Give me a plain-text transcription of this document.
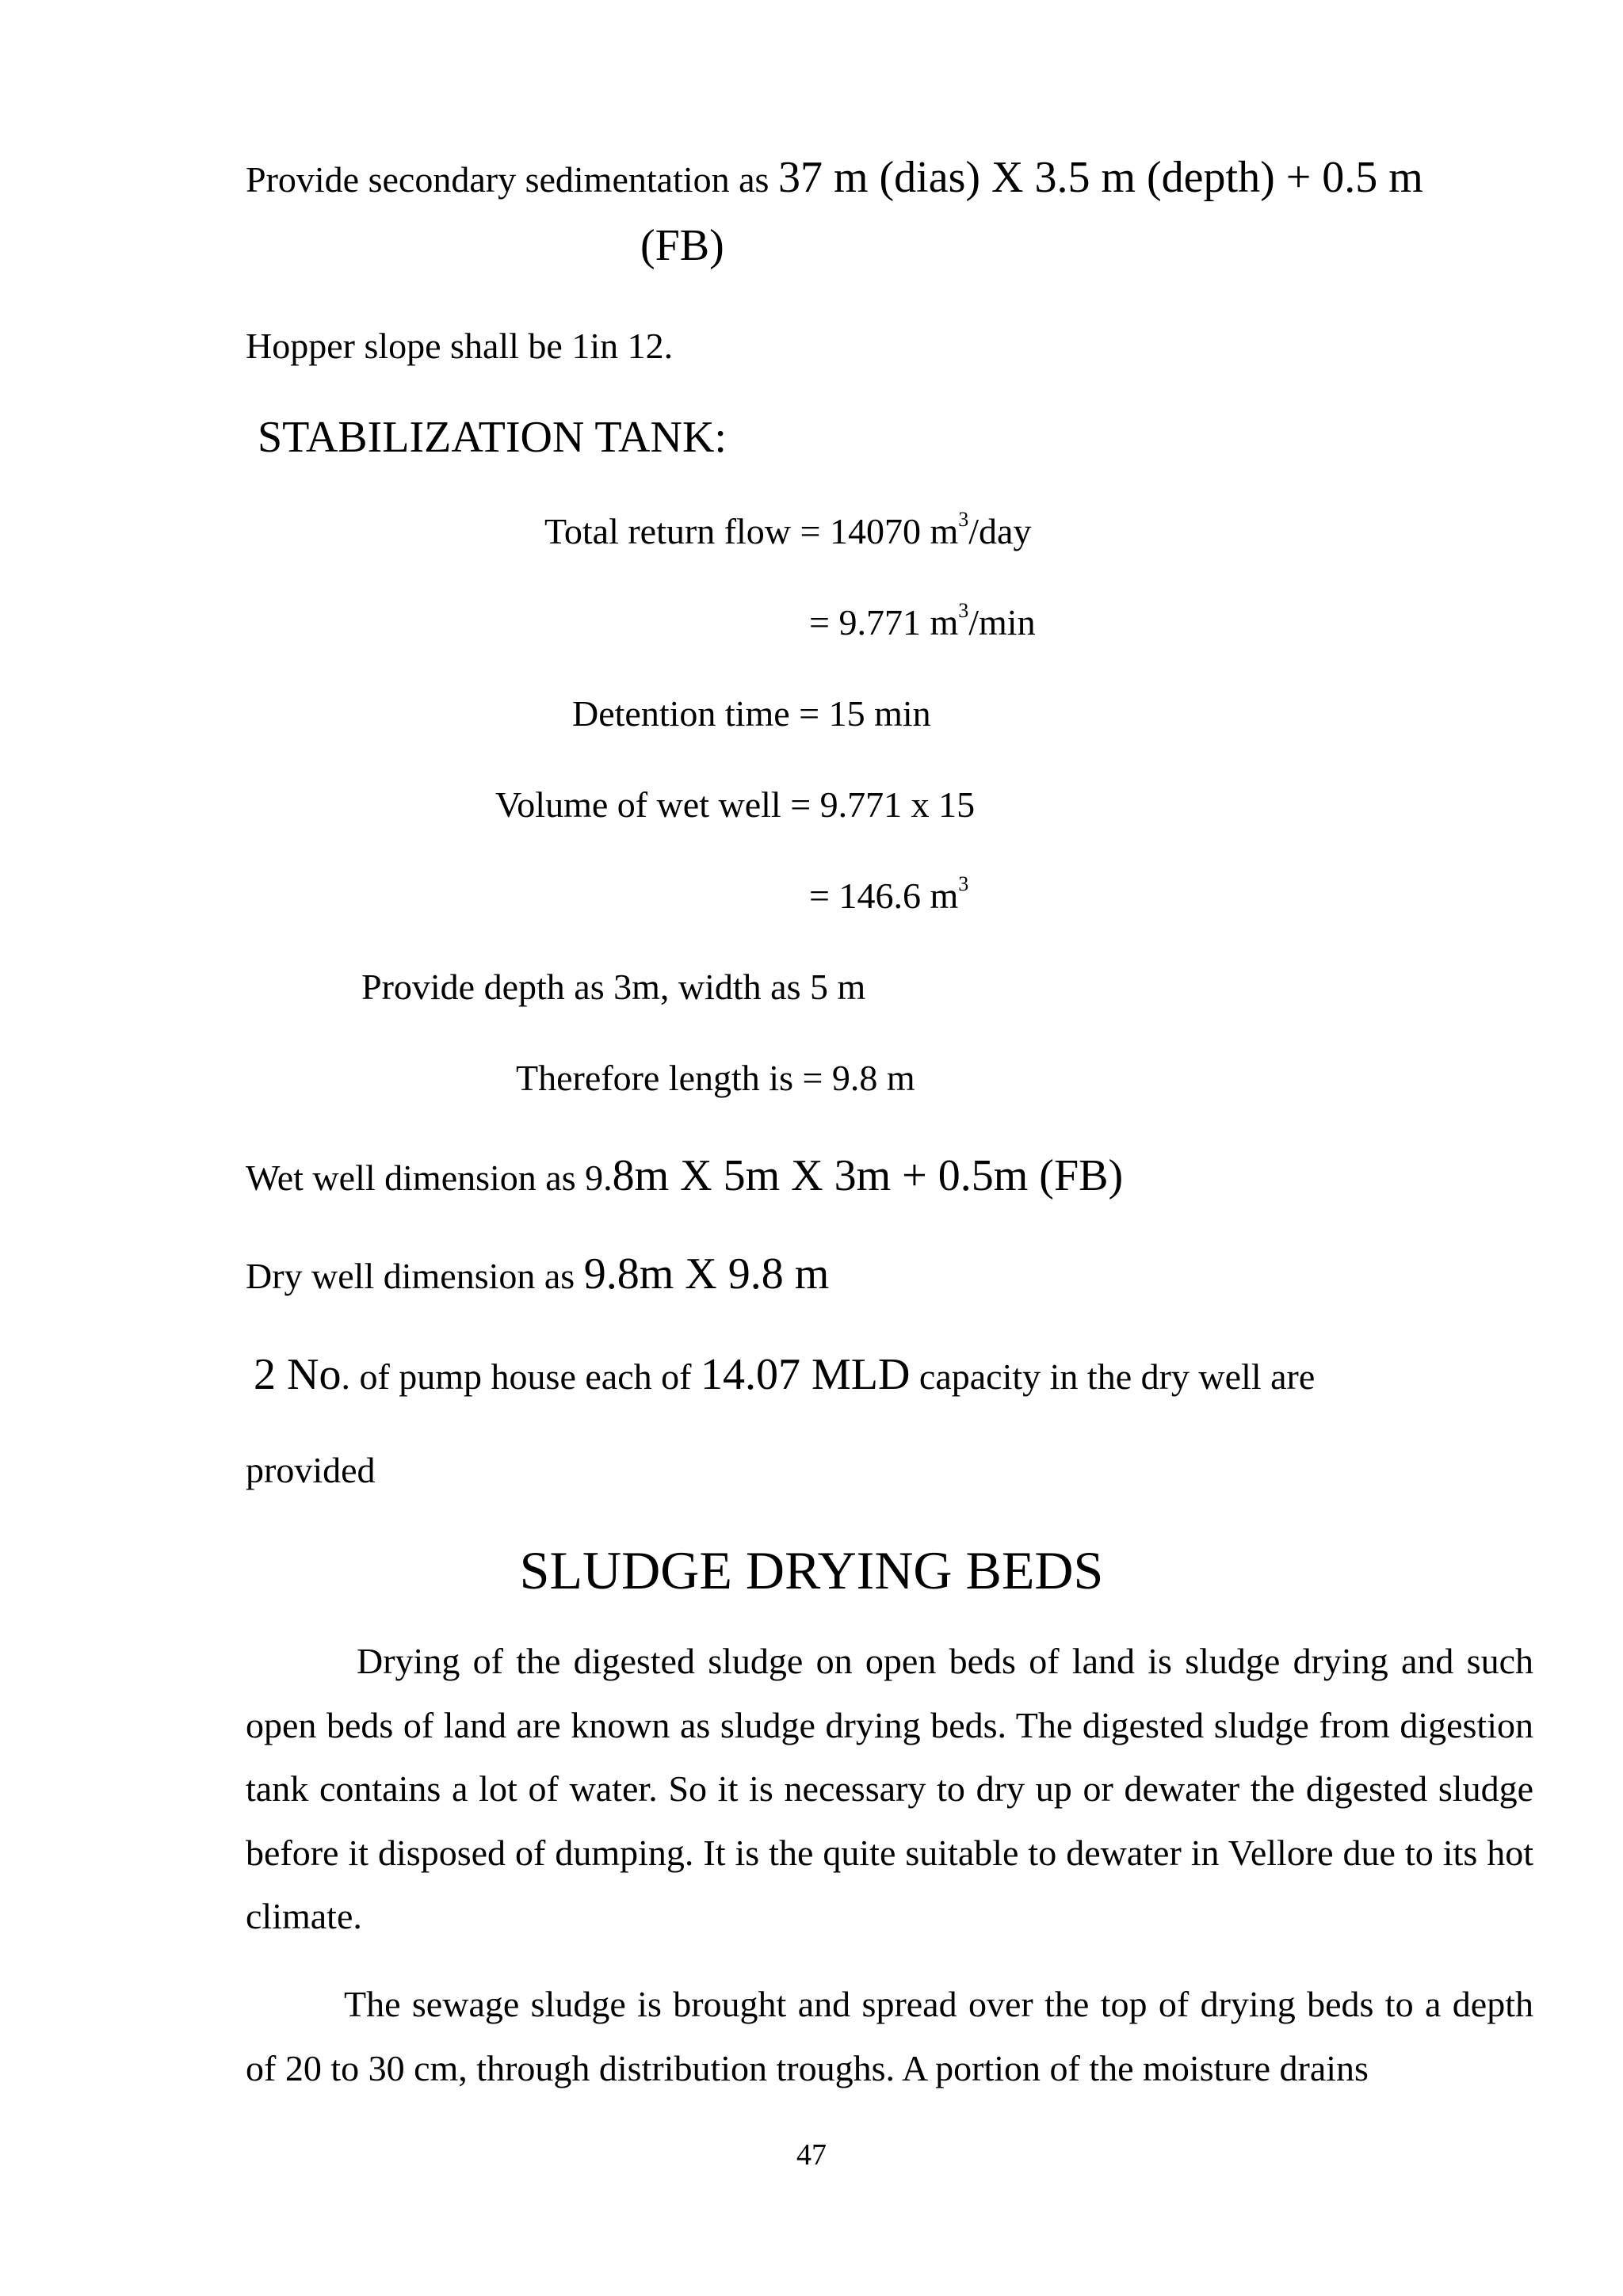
Provide secondary sedimentation as 37 m (dias) X 3.5 m (depth) + 0.5 m
(FB)
Hopper slope shall be 1in 12.
STABILIZATION TANK:
Total return flow = 14070 $m^3$/day
= 9.771 $m^3/\min$
Detention time = 15 min
Volume of wet well = 9.771 x 15
= 146.6 $m^3$
Provide depth as 3m, width as 5 m
Therefore length is = 9.8 m
Wet well dimension as 9.8m X 5m X 3m + 0.5m (FB)
Dry well dimension as 9.8m X 9.8 m
2 No. of pump house each of 14.07 MLD capacity in the dry well are
provided
SLUDGE DRYING BEDS
Drying of the digested sludge on open beds of land is sludge drying and such open beds of land are known as sludge drying beds. The digested sludge from digestion tank contains a lot of water. So it is necessary to dry up or dewater the digested sludge before it disposed of dumping. It is the quite suitable to dewater in Vellore due to its hot climate.
The sewage sludge is brought and spread over the top of drying beds to a depth of 20 to 30 cm, through distribution troughs. A portion of the moisture drains
47
